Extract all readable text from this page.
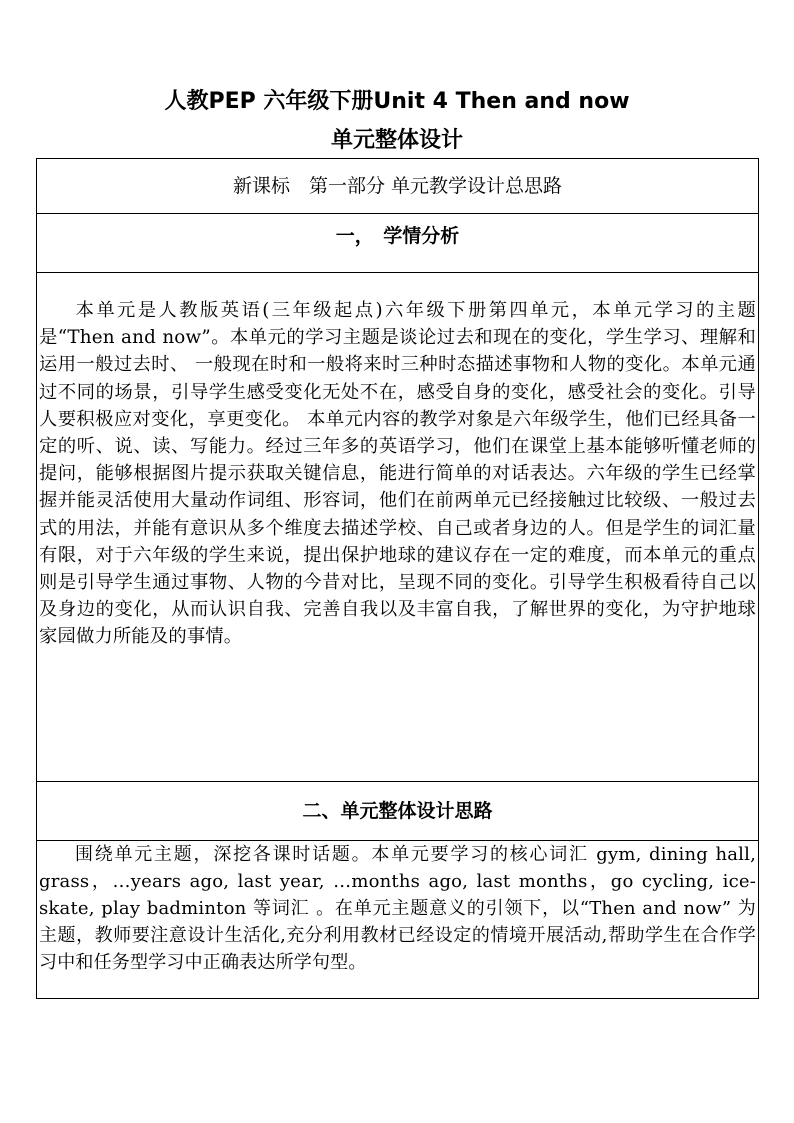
人教PEP 六年级下册Unit 4 Then and now
单元整体设计
新课标　第一部分 单元教学设计总思路

一，　学情分析

本单元是人教版英语(三年级起点)六年级下册第四单元，本单元学习的主题是“Then and now”。本单元的学习主题是谈论过去和现在的变化，学生学习、理解和运用一般过去时、 一般现在时和一般将来时三种时态描述事物和人物的变化。本单元通过不同的场景，引导学生感受变化无处不在，感受自身的变化，感受社会的变化。引导人要积极应对变化，享更变化。 本单元内容的教学对象是六年级学生，他们已经具备一定的听、说、读、写能力。经过三年多的英语学习，他们在课堂上基本能够听懂老师的提问，能够根据图片提示获取关键信息，能进行简单的对话表达。六年级的学生已经掌握并能灵活使用大量动作词组、形容词，他们在前两单元已经接触过比较级、一般过去式的用法，并能有意识从多个维度去描述学校、自己或者身边的人。但是学生的词汇量有限，对于六年级的学生来说，提出保护地球的建议存在一定的难度，而本单元的重点则是引导学生通过事物、人物的今昔对比，呈现不同的变化。引导学生积极看待自己以及身边的变化，从而认识自我、完善自我以及丰富自我，了解世界的变化，为守护地球家园做力所能及的事情。

二、单元整体设计思路

围绕单元主题，深挖各课时话题。本单元要学习的核心词汇 gym, dining hall, grass，…years ago, last year, …months ago, last months，go cycling, ice-skate, play badminton 等词汇 。在单元主题意义的引领下，以“Then and now” 为主题，教师要注意设计生活化,充分利用教材已经设定的情境开展活动,帮助学生在合作学习中和任务型学习中正确表达所学句型。
